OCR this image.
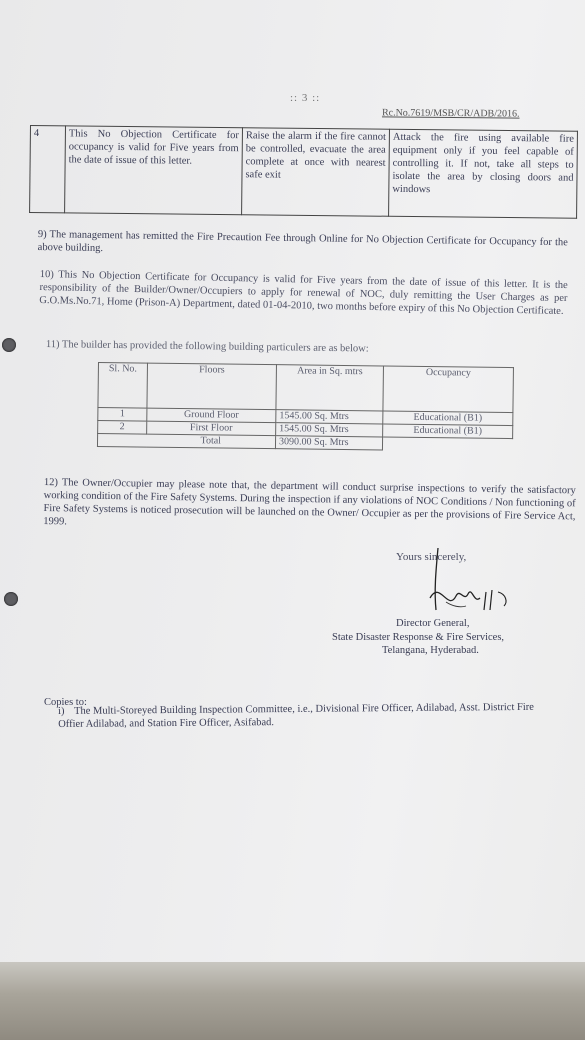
:: 3 ::
Rc.No.7619/MSB/CR/ADB/2016.
4	This No Objection Certificate for occupancy is valid for Five years from the date of issue of this letter.	Raise the alarm if the fire cannot be controlled, evacuate the area complete at once with nearest safe exit	Attack the fire using available fire equipment only if you feel capable of controlling it. If not, take all steps to isolate the area by closing doors and windows
9) The management has remitted the Fire Precaution Fee through Online for No Objection Certificate for Occupancy for the above building.
10) This No Objection Certificate for Occupancy is valid for Five years from the date of issue of this letter. It is the responsibility of the Builder/Owner/Occupiers to apply for renewal of NOC, duly remitting the User Charges as per G.O.Ms.No.71, Home (Prison-A) Department, dated 01-04-2010, two months before expiry of this No Objection Certificate.
11) The builder has provided the following building particulers are as below:
Sl. No.	Floors	Area in Sq. mtrs	Occupancy
1	Ground Floor	1545.00 Sq. Mtrs	Educational (B1)
2	First Floor	1545.00 Sq. Mtrs	Educational (B1)
	Total	3090.00 Sq. Mtrs	
12) The Owner/Occupier may please note that, the department will conduct surprise inspections to verify the satisfactory working condition of the Fire Safety Systems. During the inspection if any violations of NOC Conditions / Non functioning of Fire Safety Systems is noticed prosecution will be launched on the Owner/ Occupier as per the provisions of Fire Service Act, 1999.
Yours sincerely,
Director General,
State Disaster Response & Fire Services,
Telangana, Hyderabad.
Copies to:
i) The Multi-Storeyed Building Inspection Committee, i.e., Divisional Fire Officer, Adilabad, Asst. District Fire Offier Adilabad, and Station Fire Officer, Asifabad.
